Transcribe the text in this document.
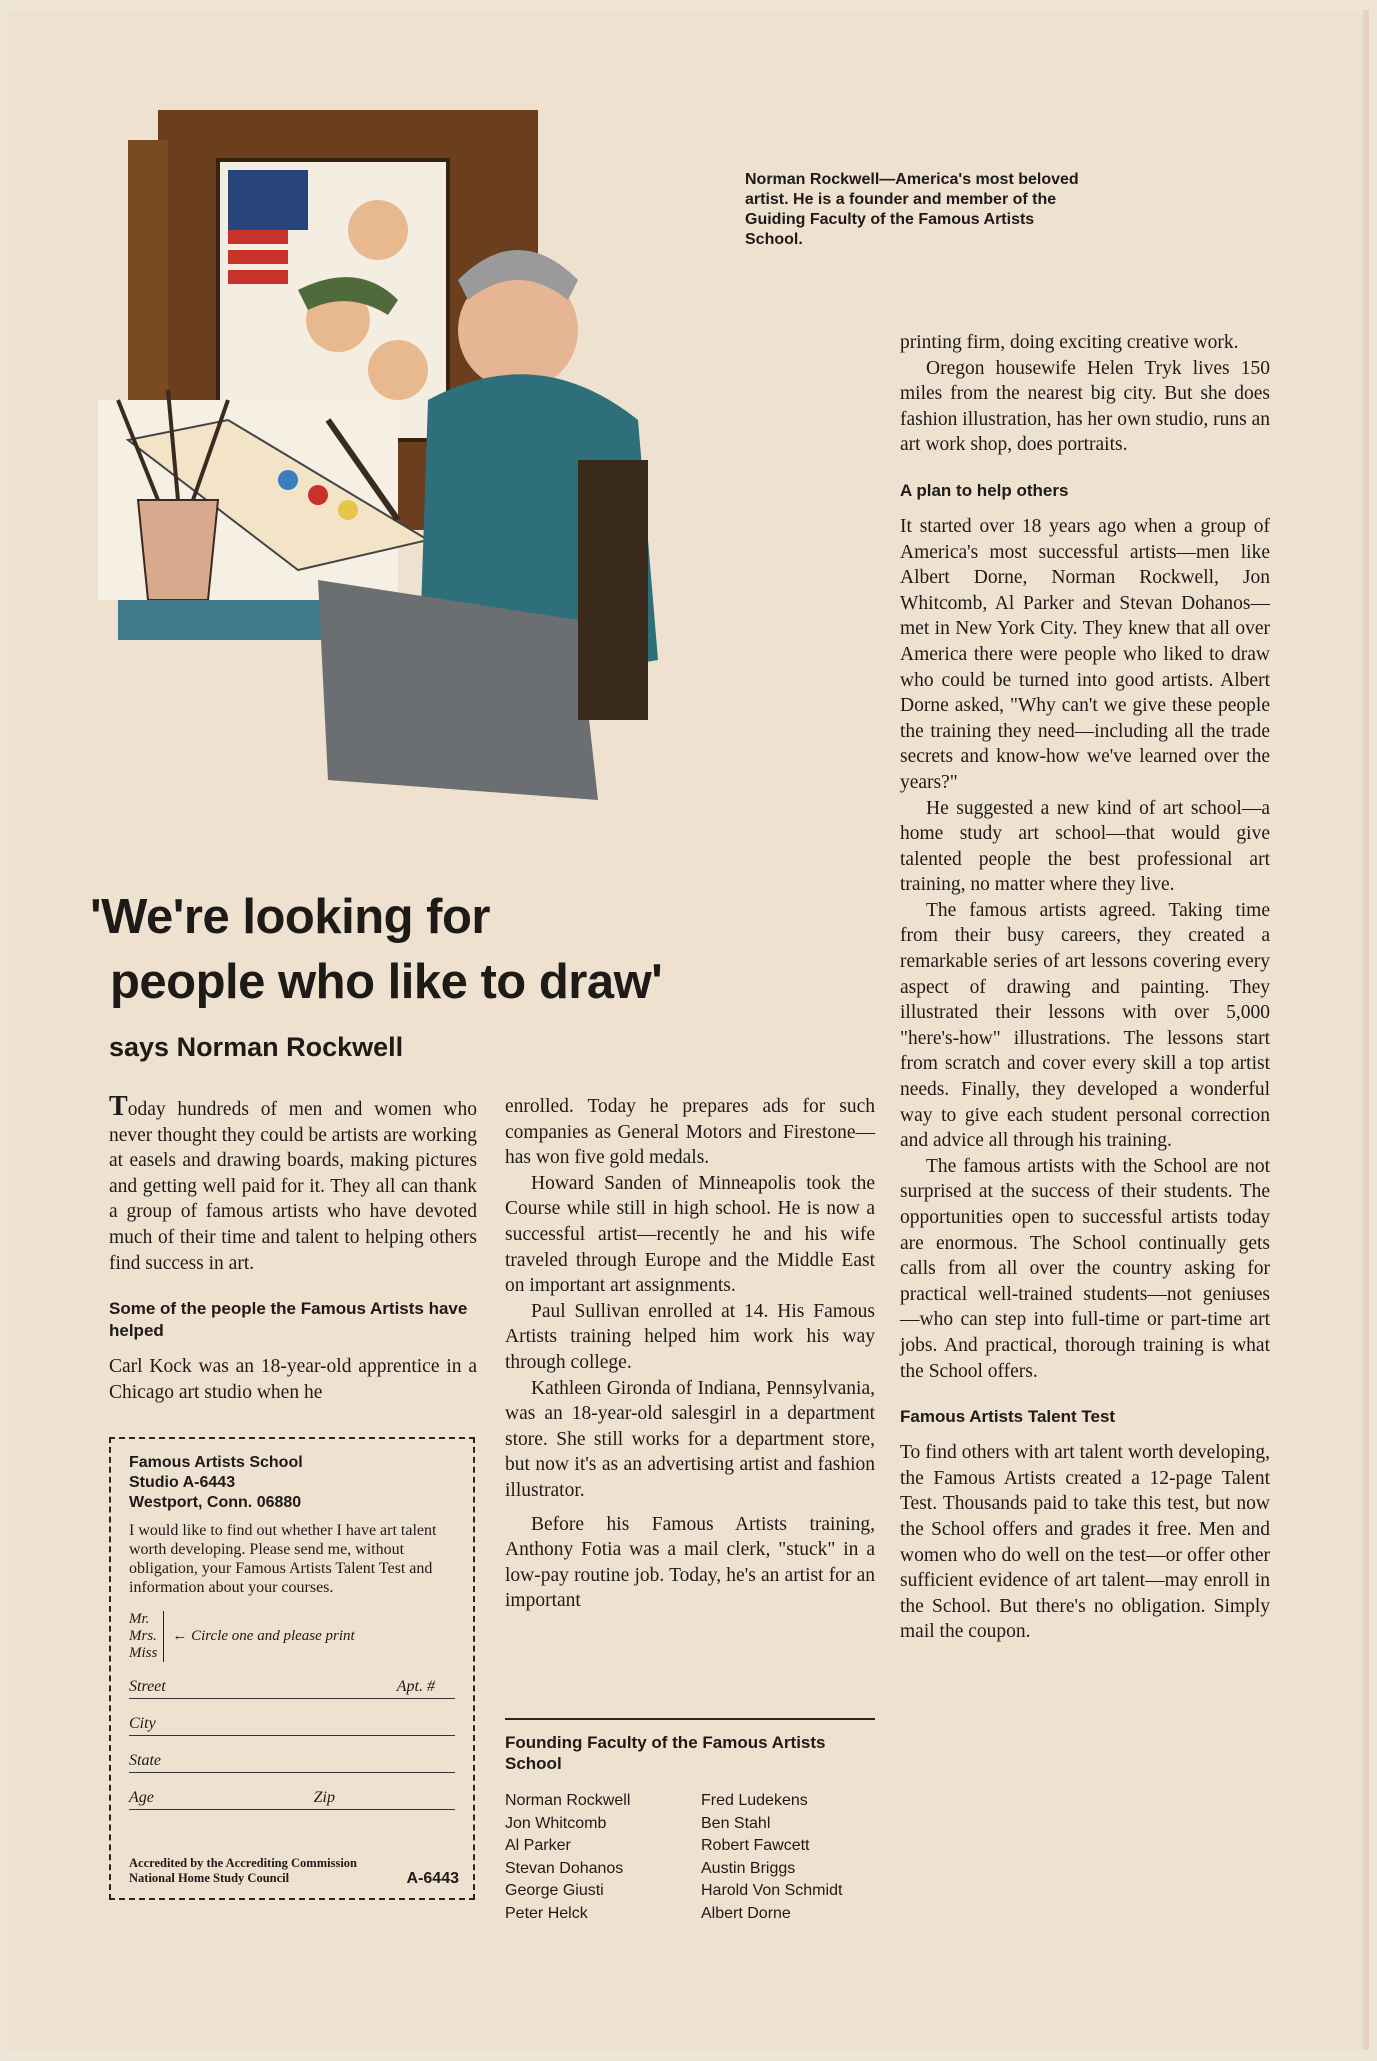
Norman Rockwell—America's most beloved artist. He is a founder and member of the Guiding Faculty of the Famous Artists School.
'We're looking for
people who like to draw'
says Norman Rockwell

Today hundreds of men and women who never thought they could be artists are working at easels and drawing boards, making pictures and getting well paid for it. They all can thank a group of famous artists who have devoted much of their time and talent to helping others find success in art.

Some of the people the Famous Artists have helped

Carl Kock was an 18-year-old apprentice in a Chicago art studio when he

Famous Artists School
Studio A-6443
Westport, Conn. 06880
I would like to find out whether I have art talent worth developing. Please send me, without obligation, your Famous Artists Talent Test and information about your courses.
Mr.
Mrs.
Miss
← Circle one and please print
Street	Apt. #
City
State
Age	Zip
Accredited by the Accrediting Commission National Home Study Council	A-6443

enrolled. Today he prepares ads for such companies as General Motors and Firestone—has won five gold medals.

Howard Sanden of Minneapolis took the Course while still in high school. He is now a successful artist—recently he and his wife traveled through Europe and the Middle East on important art assignments.

Paul Sullivan enrolled at 14. His Famous Artists training helped him work his way through college.

Kathleen Gironda of Indiana, Pennsylvania, was an 18-year-old salesgirl in a department store. She still works for a department store, but now it's as an advertising artist and fashion illustrator.

Before his Famous Artists training, Anthony Fotia was a mail clerk, "stuck" in a low-pay routine job. Today, he's an artist for an important

Founding Faculty of the Famous Artists School
Norman Rockwell
Jon Whitcomb
Al Parker
Stevan Dohanos
George Giusti
Peter Helck
Fred Ludekens
Ben Stahl
Robert Fawcett
Austin Briggs
Harold Von Schmidt
Albert Dorne

printing firm, doing exciting creative work.

Oregon housewife Helen Tryk lives 150 miles from the nearest big city. But she does fashion illustration, has her own studio, runs an art work shop, does portraits.

A plan to help others

It started over 18 years ago when a group of America's most successful artists—men like Albert Dorne, Norman Rockwell, Jon Whitcomb, Al Parker and Stevan Dohanos—met in New York City. They knew that all over America there were people who liked to draw who could be turned into good artists. Albert Dorne asked, "Why can't we give these people the training they need—including all the trade secrets and know-how we've learned over the years?"

He suggested a new kind of art school—a home study art school—that would give talented people the best professional art training, no matter where they live.

The famous artists agreed. Taking time from their busy careers, they created a remarkable series of art lessons covering every aspect of drawing and painting. They illustrated their lessons with over 5,000 "here's-how" illustrations. The lessons start from scratch and cover every skill a top artist needs. Finally, they developed a wonderful way to give each student personal correction and advice all through his training.

The famous artists with the School are not surprised at the success of their students. The opportunities open to successful artists today are enormous. The School continually gets calls from all over the country asking for practical well-trained students—not geniuses—who can step into full-time or part-time art jobs. And practical, thorough training is what the School offers.

Famous Artists Talent Test

To find others with art talent worth developing, the Famous Artists created a 12-page Talent Test. Thousands paid to take this test, but now the School offers and grades it free. Men and women who do well on the test—or offer other sufficient evidence of art talent—may enroll in the School. But there's no obligation. Simply mail the coupon.
